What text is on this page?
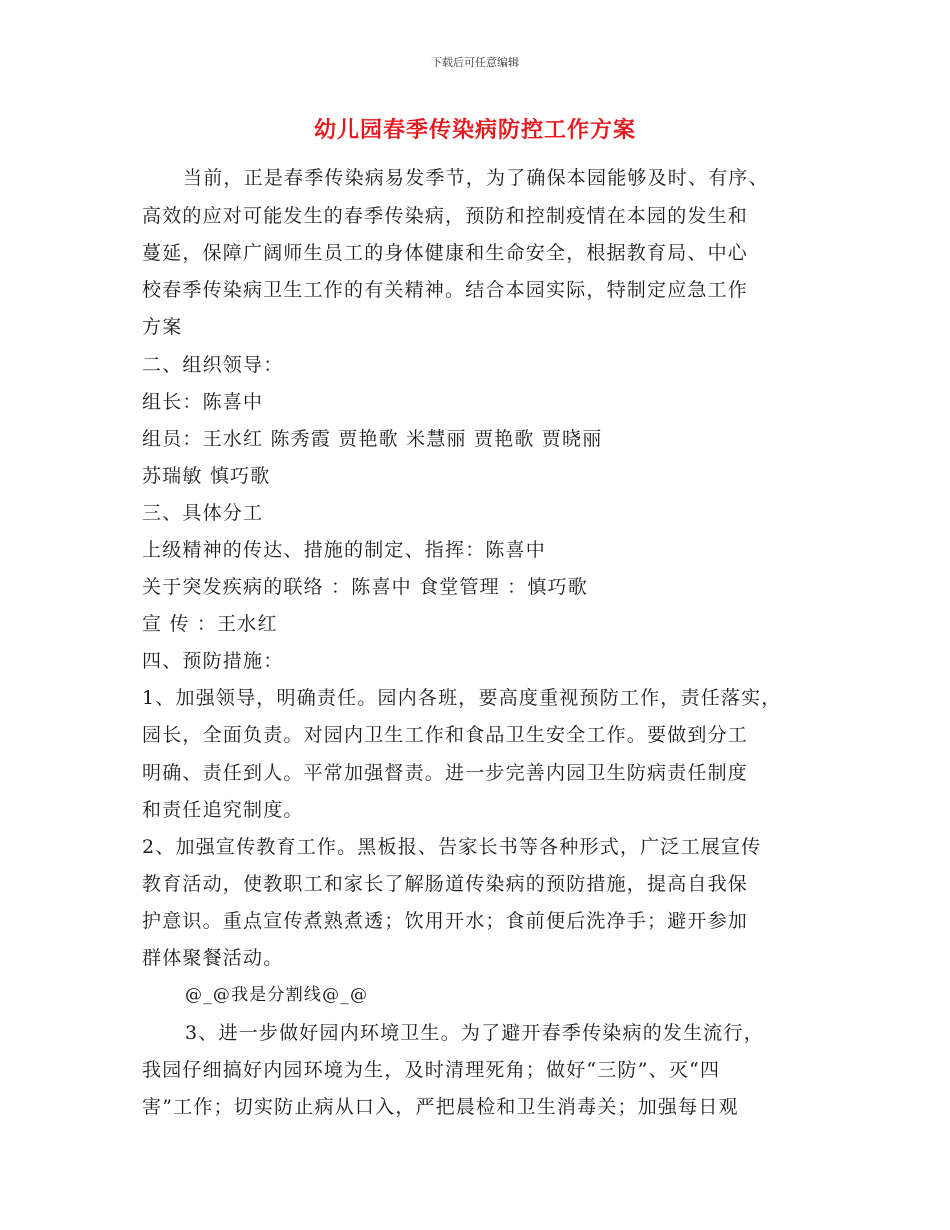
下载后可任意编辑
幼儿园春季传染病防控工作方案
当前，正是春季传染病易发季节，为了确保本园能够及时、有序、
高效的应对可能发生的春季传染病，预防和控制疫情在本园的发生和
蔓延，保障广阔师生员工的身体健康和生命安全，根据教育局、中心
校春季传染病卫生工作的有关精神。结合本园实际，特制定应急工作
方案
二、组织领导：
组长：陈喜中
组员：王水红 陈秀霞 贾艳歌 米慧丽 贾艳歌 贾晓丽
苏瑞敏 慎巧歌
三、具体分工
上级精神的传达、措施的制定、指挥：陈喜中
关于突发疾病的联络 ：陈喜中 食堂管理 ：慎巧歌
宣 传 ：王水红
四、预防措施：
1、加强领导，明确责任。园内各班，要高度重视预防工作，责任落实，
园长，全面负责。对园内卫生工作和食品卫生安全工作。要做到分工
明确、责任到人。平常加强督责。进一步完善内园卫生防病责任制度
和责任追究制度。
2、加强宣传教育工作。黑板报、告家长书等各种形式，广泛工展宣传
教育活动，使教职工和家长了解肠道传染病的预防措施，提高自我保
护意识。重点宣传煮熟煮透；饮用开水；食前便后洗净手；避开参加
群体聚餐活动。
@_@我是分割线@_@
3、进一步做好园内环境卫生。为了避开春季传染病的发生流行，
我园仔细搞好内园环境为生，及时清理死角；做好“三防”、灭“四
害”工作；切实防止病从口入，严把晨检和卫生消毒关；加强每日观
